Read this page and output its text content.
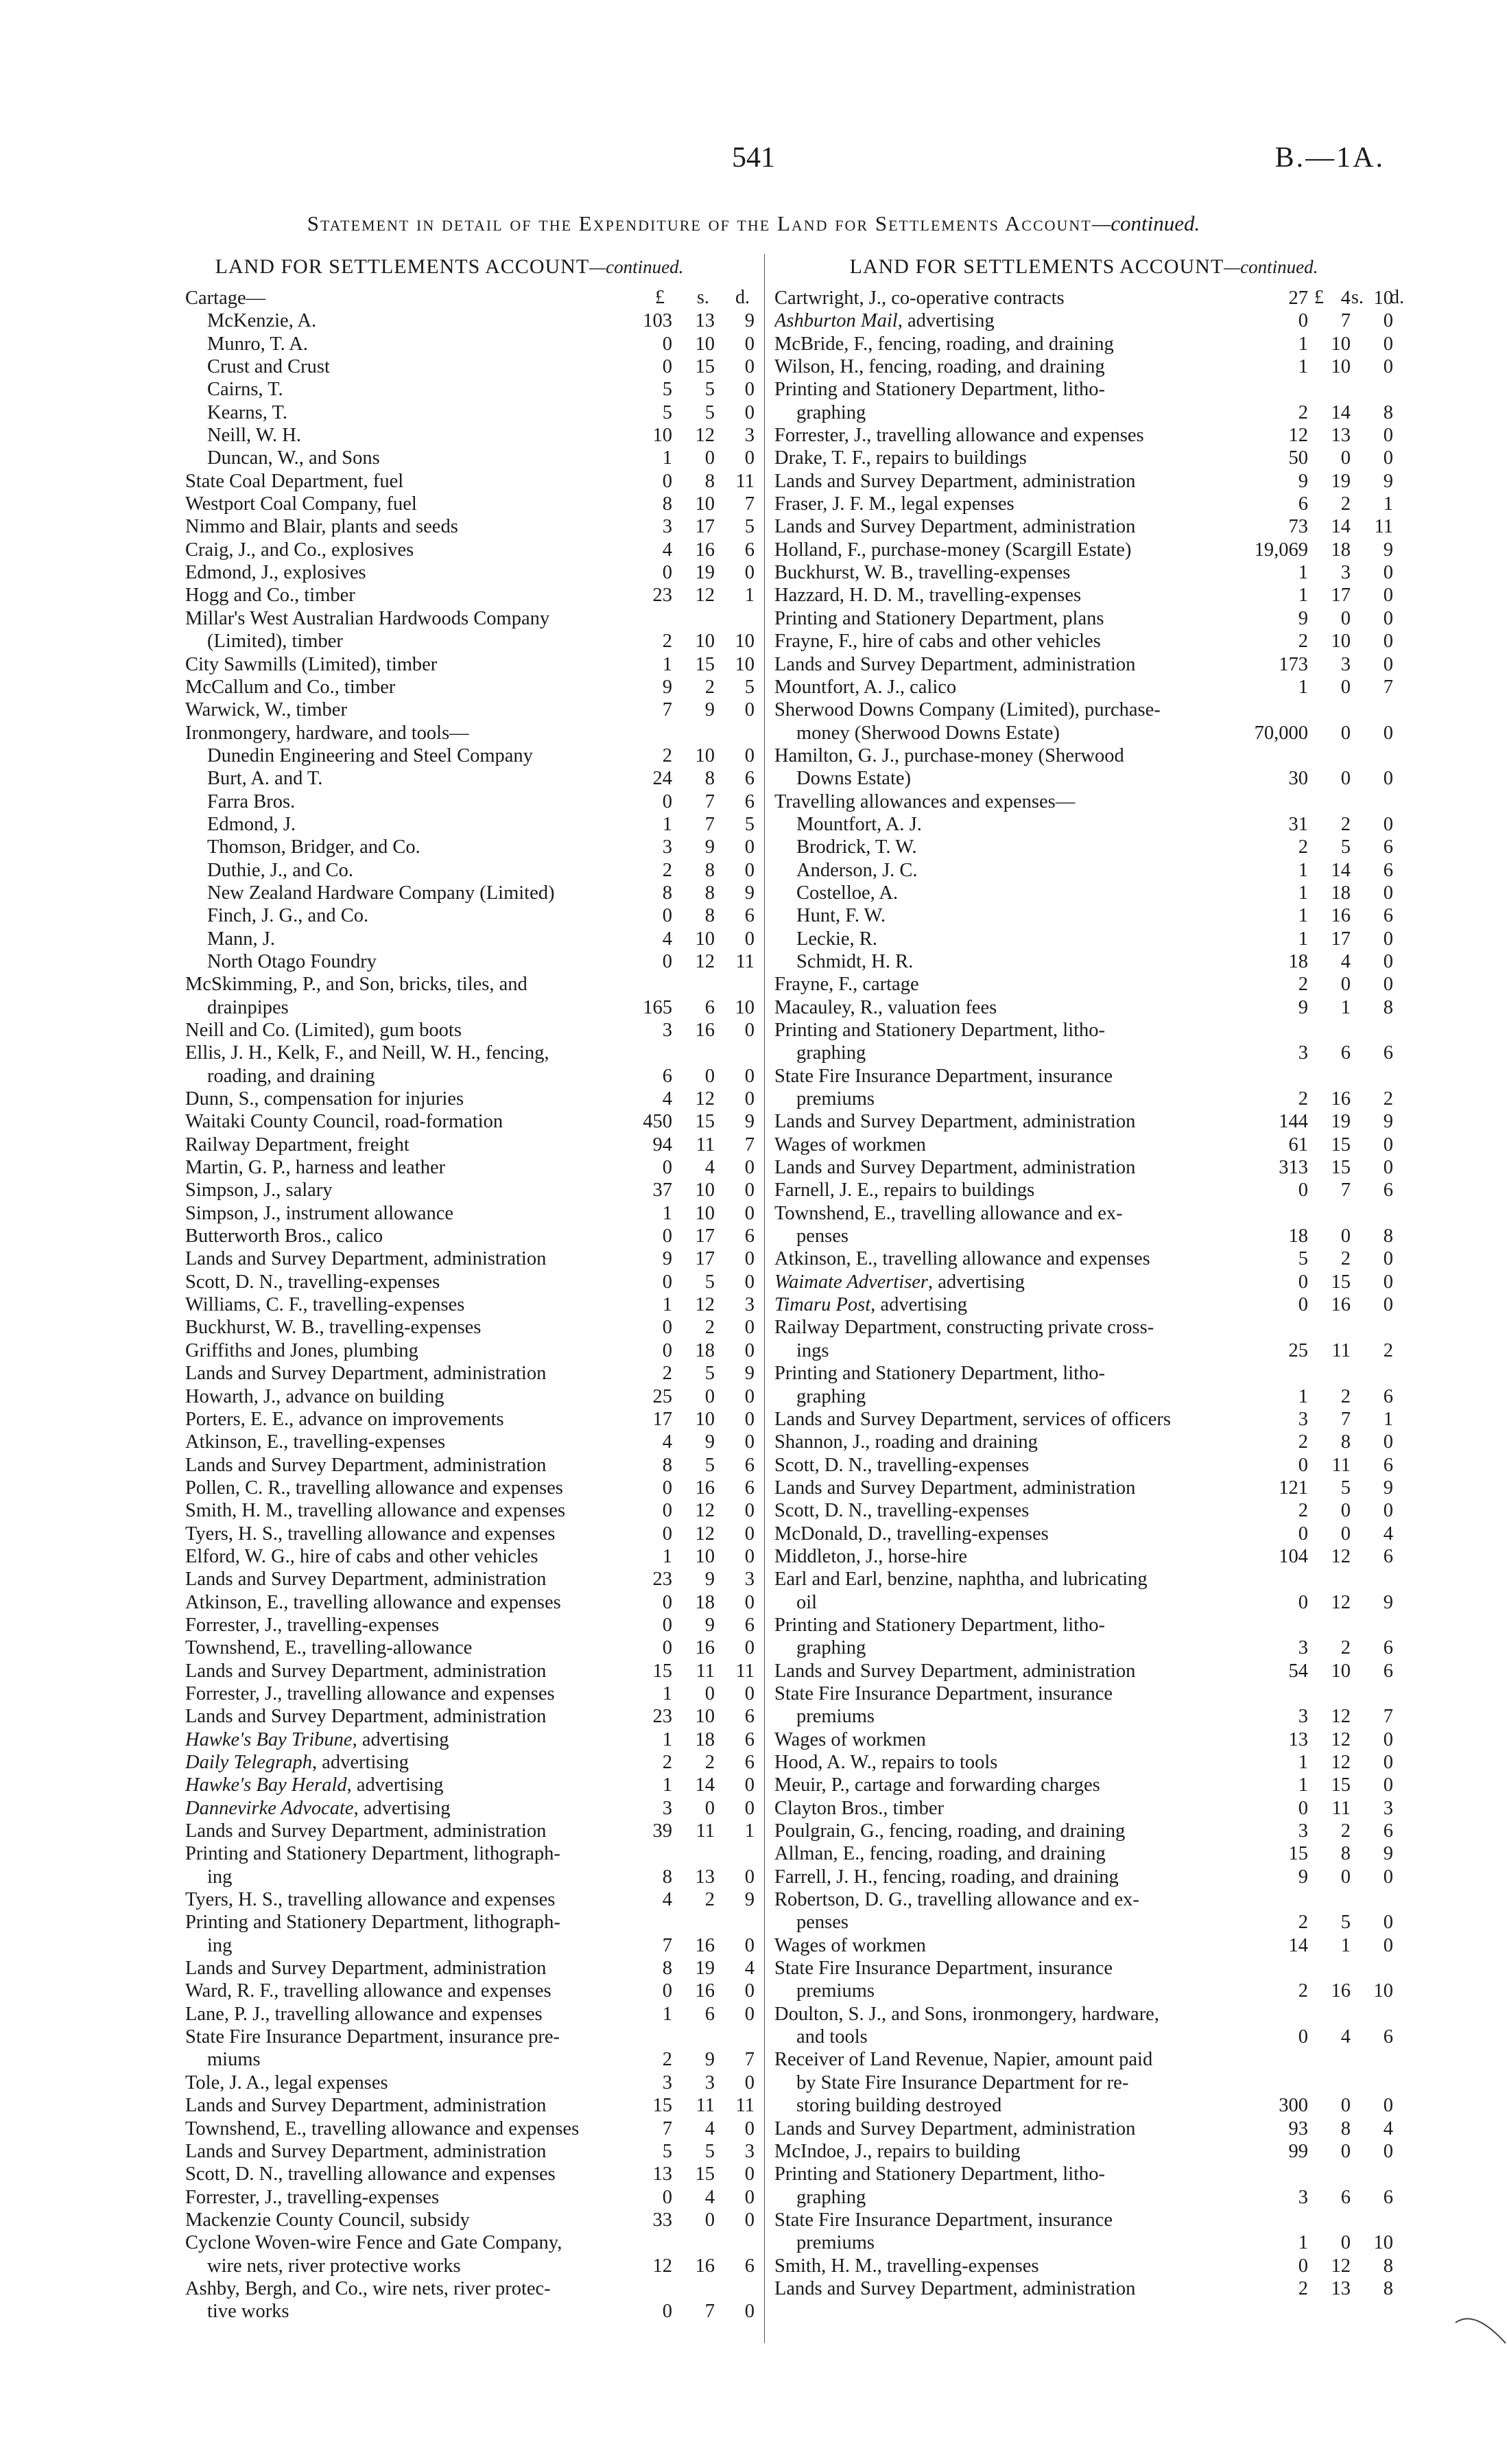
541	B.—1A.
Statement in detail of the Expenditure of the Land for Settlements Account—continued.
LAND FOR SETTLEMENTS ACCOUNT—continued.	LAND FOR SETTLEMENTS ACCOUNT—continued.
£ s. d.	£ s. d.
Cartage—
McKenzie, A.	103	13	9
Munro, T. A.	0	10	0
Crust and Crust	0	15	0
Cairns, T.	5	5	0
Kearns, T.	5	5	0
Neill, W. H.	10	12	3
Duncan, W., and Sons	1	0	0
State Coal Department, fuel	0	8	11
Westport Coal Company, fuel	8	10	7
Nimmo and Blair, plants and seeds	3	17	5
Craig, J., and Co., explosives	4	16	6
Edmond, J., explosives	0	19	0
Hogg and Co., timber	23	12	1
Millar's West Australian Hardwoods Company
(Limited), timber	2	10	10
City Sawmills (Limited), timber	1	15	10
McCallum and Co., timber	9	2	5
Warwick, W., timber	7	9	0
Ironmongery, hardware, and tools—
Dunedin Engineering and Steel Company	2	10	0
Burt, A. and T.	24	8	6
Farra Bros.	0	7	6
Edmond, J.	1	7	5
Thomson, Bridger, and Co.	3	9	0
Duthie, J., and Co.	2	8	0
New Zealand Hardware Company (Limited)	8	8	9
Finch, J. G., and Co.	0	8	6
Mann, J.	4	10	0
North Otago Foundry	0	12	11
McSkimming, P., and Son, bricks, tiles, and
drainpipes	165	6	10
Neill and Co. (Limited), gum boots	3	16	0
Ellis, J. H., Kelk, F., and Neill, W. H., fencing,
roading, and draining	6	0	0
Dunn, S., compensation for injuries	4	12	0
Waitaki County Council, road-formation	450	15	9
Railway Department, freight	94	11	7
Martin, G. P., harness and leather	0	4	0
Simpson, J., salary	37	10	0
Simpson, J., instrument allowance	1	10	0
Butterworth Bros., calico	0	17	6
Lands and Survey Department, administration	9	17	0
Scott, D. N., travelling-expenses	0	5	0
Williams, C. F., travelling-expenses	1	12	3
Buckhurst, W. B., travelling-expenses	0	2	0
Griffiths and Jones, plumbing	0	18	0
Lands and Survey Department, administration	2	5	9
Howarth, J., advance on building	25	0	0
Porters, E. E., advance on improvements	17	10	0
Atkinson, E., travelling-expenses	4	9	0
Lands and Survey Department, administration	8	5	6
Pollen, C. R., travelling allowance and expenses	0	16	6
Smith, H. M., travelling allowance and expenses	0	12	0
Tyers, H. S., travelling allowance and expenses	0	12	0
Elford, W. G., hire of cabs and other vehicles	1	10	0
Lands and Survey Department, administration	23	9	3
Atkinson, E., travelling allowance and expenses	0	18	0
Forrester, J., travelling-expenses	0	9	6
Townshend, E., travelling-allowance	0	16	0
Lands and Survey Department, administration	15	11	11
Forrester, J., travelling allowance and expenses	1	0	0
Lands and Survey Department, administration	23	10	6
Hawke's Bay Tribune, advertising	1	18	6
Daily Telegraph, advertising	2	2	6
Hawke's Bay Herald, advertising	1	14	0
Dannevirke Advocate, advertising	3	0	0
Lands and Survey Department, administration	39	11	1
Printing and Stationery Department, lithograph-
ing	8	13	0
Tyers, H. S., travelling allowance and expenses	4	2	9
Printing and Stationery Department, lithograph-
ing	7	16	0
Lands and Survey Department, administration	8	19	4
Ward, R. F., travelling allowance and expenses	0	16	0
Lane, P. J., travelling allowance and expenses	1	6	0
State Fire Insurance Department, insurance pre-
miums	2	9	7
Tole, J. A., legal expenses	3	3	0
Lands and Survey Department, administration	15	11	11
Townshend, E., travelling allowance and expenses	7	4	0
Lands and Survey Department, administration	5	5	3
Scott, D. N., travelling allowance and expenses	13	15	0
Forrester, J., travelling-expenses	0	4	0
Mackenzie County Council, subsidy	33	0	0
Cyclone Woven-wire Fence and Gate Company,
wire nets, river protective works	12	16	6
Ashby, Bergh, and Co., wire nets, river protec-
tive works	0	7	0
Cartwright, J., co-operative contracts	27	4	10
Ashburton Mail, advertising	0	7	0
McBride, F., fencing, roading, and draining	1	10	0
Wilson, H., fencing, roading, and draining	1	10	0
Printing and Stationery Department, litho-
graphing	2	14	8
Forrester, J., travelling allowance and expenses	12	13	0
Drake, T. F., repairs to buildings	50	0	0
Lands and Survey Department, administration	9	19	9
Fraser, J. F. M., legal expenses	6	2	1
Lands and Survey Department, administration	73	14	11
Holland, F., purchase-money (Scargill Estate)	19,069	18	9
Buckhurst, W. B., travelling-expenses	1	3	0
Hazzard, H. D. M., travelling-expenses	1	17	0
Printing and Stationery Department, plans	9	0	0
Frayne, F., hire of cabs and other vehicles	2	10	0
Lands and Survey Department, administration	173	3	0
Mountfort, A. J., calico	1	0	7
Sherwood Downs Company (Limited), purchase-
money (Sherwood Downs Estate)	70,000	0	0
Hamilton, G. J., purchase-money (Sherwood
Downs Estate)	30	0	0
Travelling allowances and expenses—
Mountfort, A. J.	31	2	0
Brodrick, T. W.	2	5	6
Anderson, J. C.	1	14	6
Costelloe, A.	1	18	0
Hunt, F. W.	1	16	6
Leckie, R.	1	17	0
Schmidt, H. R.	18	4	0
Frayne, F., cartage	2	0	0
Macauley, R., valuation fees	9	1	8
Printing and Stationery Department, litho-
graphing	3	6	6
State Fire Insurance Department, insurance
premiums	2	16	2
Lands and Survey Department, administration	144	19	9
Wages of workmen	61	15	0
Lands and Survey Department, administration	313	15	0
Farnell, J. E., repairs to buildings	0	7	6
Townshend, E., travelling allowance and ex-
penses	18	0	8
Atkinson, E., travelling allowance and expenses	5	2	0
Waimate Advertiser, advertising	0	15	0
Timaru Post, advertising	0	16	0
Railway Department, constructing private cross-
ings	25	11	2
Printing and Stationery Department, litho-
graphing	1	2	6
Lands and Survey Department, services of officers	3	7	1
Shannon, J., roading and draining	2	8	0
Scott, D. N., travelling-expenses	0	11	6
Lands and Survey Department, administration	121	5	9
Scott, D. N., travelling-expenses	2	0	0
McDonald, D., travelling-expenses	0	0	4
Middleton, J., horse-hire	104	12	6
Earl and Earl, benzine, naphtha, and lubricating
oil	0	12	9
Printing and Stationery Department, litho-
graphing	3	2	6
Lands and Survey Department, administration	54	10	6
State Fire Insurance Department, insurance
premiums	3	12	7
Wages of workmen	13	12	0
Hood, A. W., repairs to tools	1	12	0
Meuir, P., cartage and forwarding charges	1	15	0
Clayton Bros., timber	0	11	3
Poulgrain, G., fencing, roading, and draining	3	2	6
Allman, E., fencing, roading, and draining	15	8	9
Farrell, J. H., fencing, roading, and draining	9	0	0
Robertson, D. G., travelling allowance and ex-
penses	2	5	0
Wages of workmen	14	1	0
State Fire Insurance Department, insurance
premiums	2	16	10
Doulton, S. J., and Sons, ironmongery, hardware,
and tools	0	4	6
Receiver of Land Revenue, Napier, amount paid
by State Fire Insurance Department for re-
storing building destroyed	300	0	0
Lands and Survey Department, administration	93	8	4
McIndoe, J., repairs to building	99	0	0
Printing and Stationery Department, litho-
graphing	3	6	6
State Fire Insurance Department, insurance
premiums	1	0	10
Smith, H. M., travelling-expenses	0	12	8
Lands and Survey Department, administration	2	13	8
